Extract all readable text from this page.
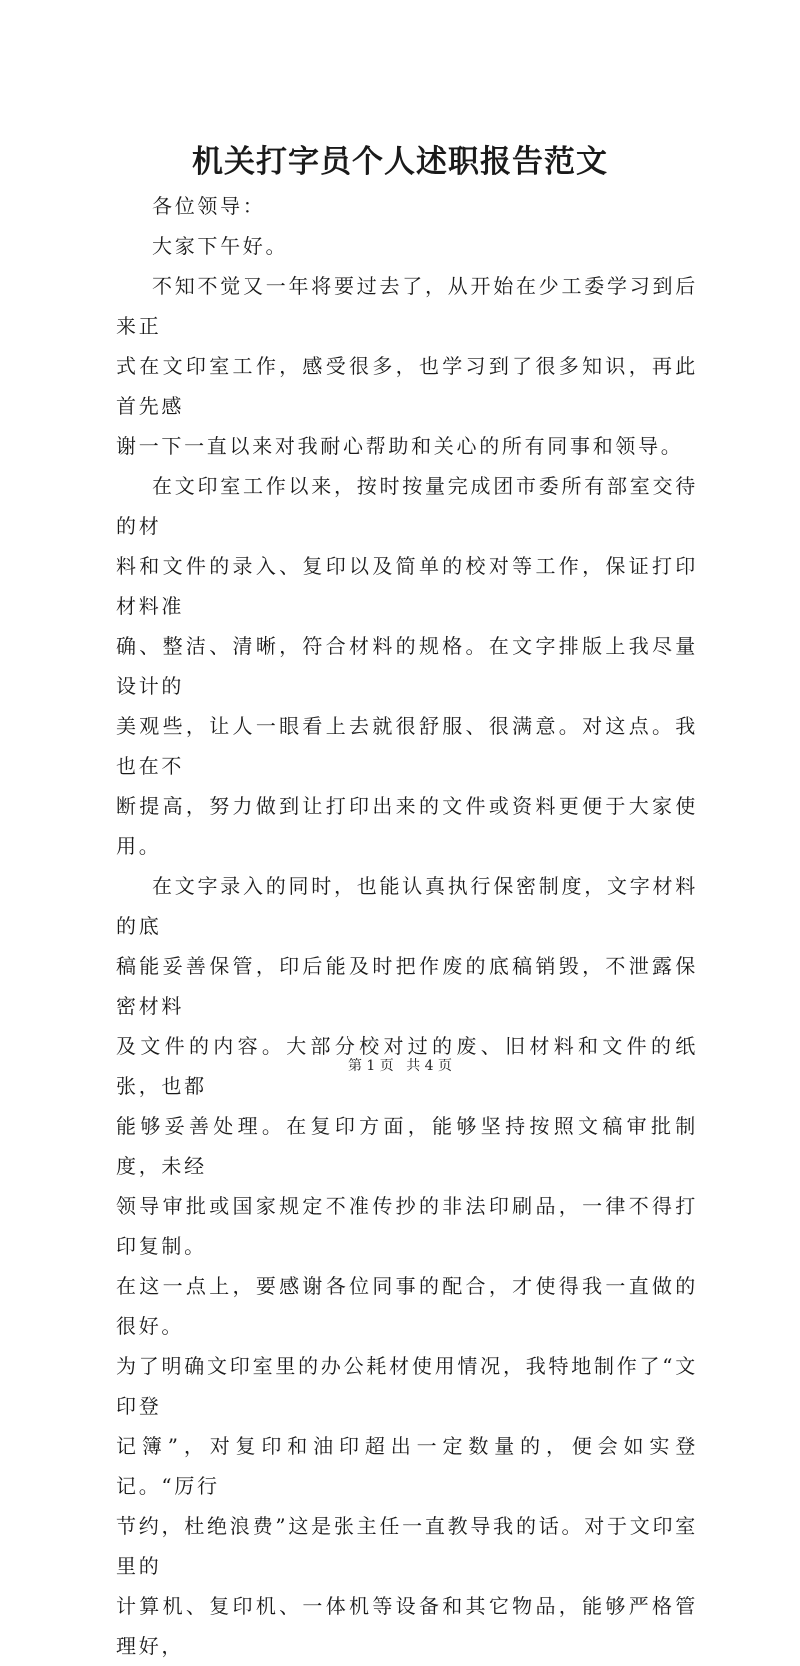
机关打字员个人述职报告范文

各位领导：

大家下午好。

不知不觉又一年将要过去了，从开始在少工委学习到后来正
式在文印室工作，感受很多，也学习到了很多知识，再此首先感
谢一下一直以来对我耐心帮助和关心的所有同事和领导。

在文印室工作以来，按时按量完成团市委所有部室交待的材
料和文件的录入、复印以及简单的校对等工作，保证打印材料准
确、整洁、清晰，符合材料的规格。在文字排版上我尽量设计的
美观些，让人一眼看上去就很舒服、很满意。对这点。我也在不
断提高，努力做到让打印出来的文件或资料更便于大家使用。

在文字录入的同时，也能认真执行保密制度，文字材料的底
稿能妥善保管，印后能及时把作废的底稿销毁，不泄露保密材料
及文件的内容。大部分校对过的废、旧材料和文件的纸张，也都
能够妥善处理。在复印方面，能够坚持按照文稿审批制度，未经
领导审批或国家规定不准传抄的非法印刷品，一律不得打印复制。
在这一点上，要感谢各位同事的配合，才使得我一直做的很好。
为了明确文印室里的办公耗材使用情况，我特地制作了“文印登
记簿”，对复印和油印超出一定数量的，便会如实登记。“厉行
节约，杜绝浪费”这是张主任一直教导我的话。对于文印室里的
计算机、复印机、一体机等设备和其它物品，能够严格管理好，

第 1 页 共 4 页
